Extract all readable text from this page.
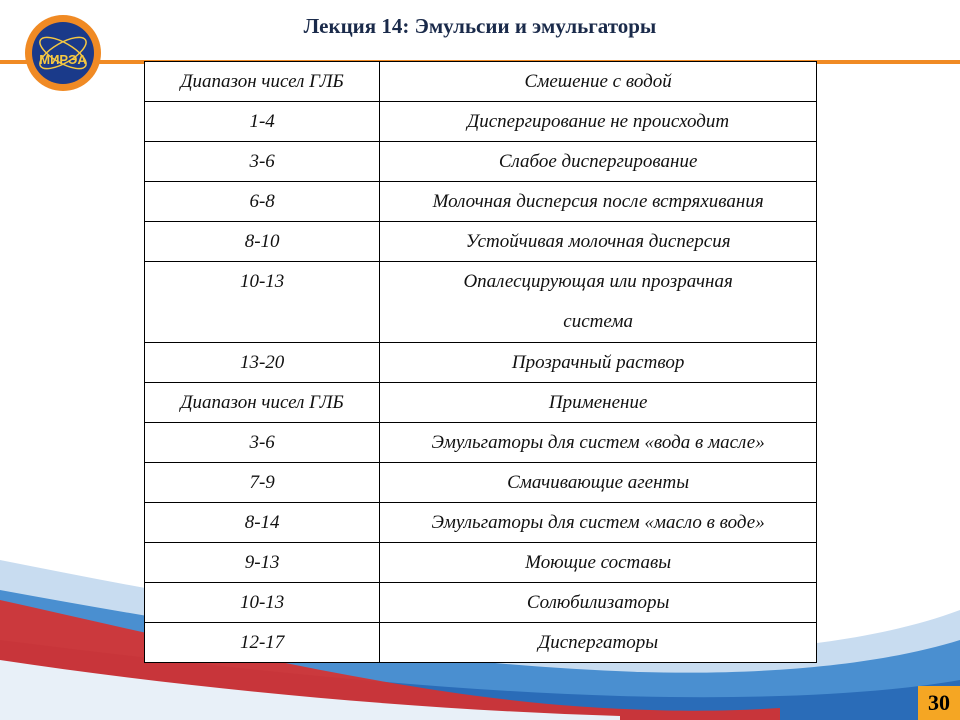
МИРЭА
Лекция 14: Эмульсии и эмульгаторы
Диапазон чисел ГЛБ	Смешение с водой
1-4	Диспергирование не происходит
3-6	Слабое диспергирование
6-8	Молочная дисперсия после встряхивания
8-10	Устойчивая молочная дисперсия
10-13	Опалесцирующая или прозрачная
система

13-20	Прозрачный раствор
Диапазон чисел ГЛБ	Применение
3-6	Эмульгаторы для систем «вода в масле»
7-9	Смачивающие агенты
8-14	Эмульгаторы для систем «масло в воде»
9-13	Моющие составы
10-13	Солюбилизаторы
12-17	Диспергаторы
30
